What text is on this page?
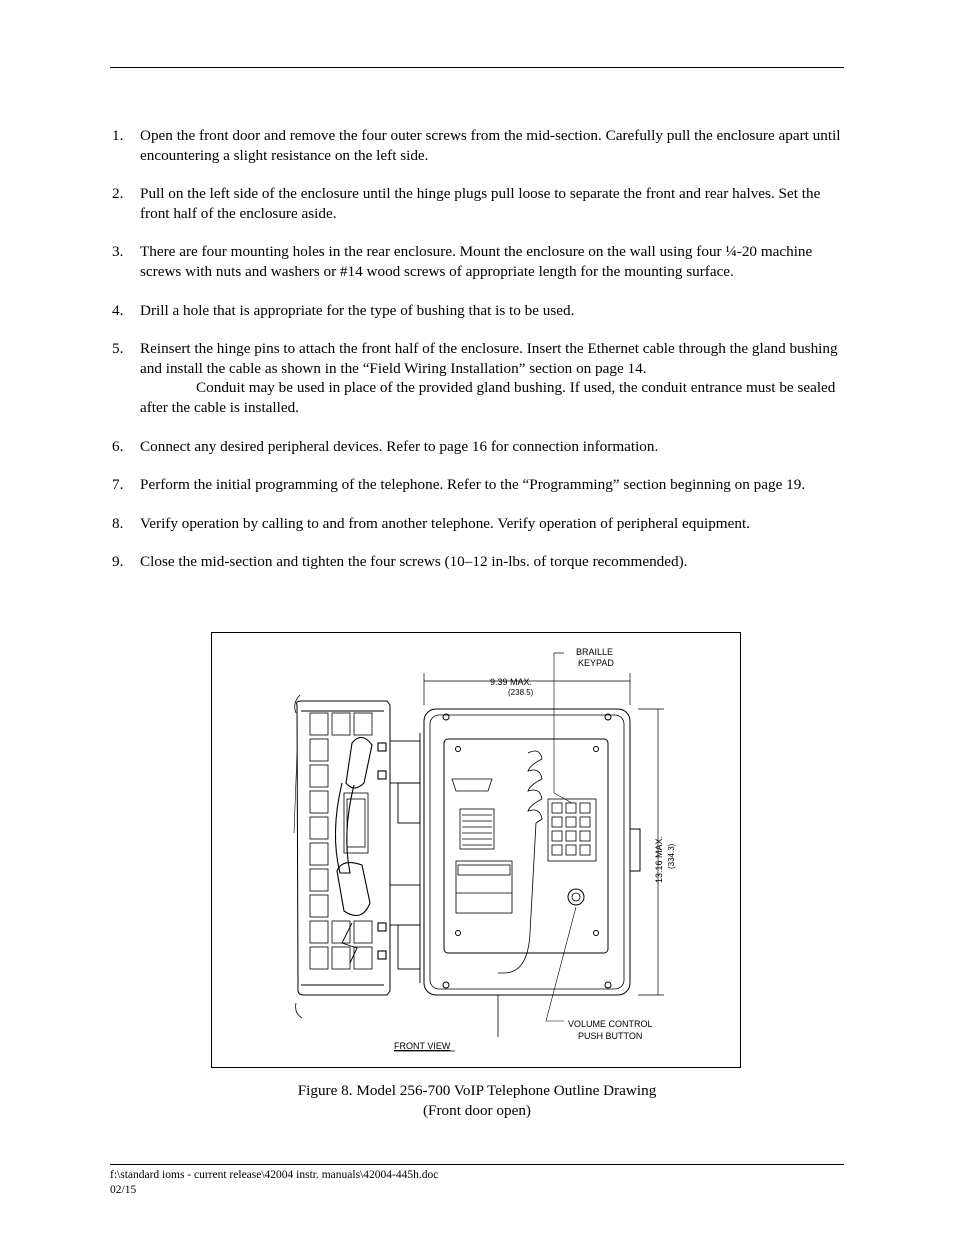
1. Open the front door and remove the four outer screws from the mid-section. Carefully pull the enclosure apart until encountering a slight resistance on the left side.
2. Pull on the left side of the enclosure until the hinge plugs pull loose to separate the front and rear halves. Set the front half of the enclosure aside.
3. There are four mounting holes in the rear enclosure. Mount the enclosure on the wall using four ¼-20 machine screws with nuts and washers or #14 wood screws of appropriate length for the mounting surface.
4. Drill a hole that is appropriate for the type of bushing that is to be used.
5. Reinsert the hinge pins to attach the front half of the enclosure. Insert the Ethernet cable through the gland bushing and install the cable as shown in the “Field Wiring Installation” section on page 14.
Conduit may be used in place of the provided gland bushing. If used, the conduit entrance must be sealed after the cable is installed.
6. Connect any desired peripheral devices. Refer to page 16 for connection information.
7. Perform the initial programming of the telephone. Refer to the “Programming” section beginning on page 19.
8. Verify operation by calling to and from another telephone. Verify operation of peripheral equipment.
9. Close the mid-section and tighten the four screws (10–12 in-lbs. of torque recommended).
BRAILLE
KEYPAD
9.39 MAX.
(238.5)
13.16 MAX. (334.3)
VOLUME CONTROL
PUSH BUTTON
FRONT VIEW
Figure 8. Model 256-700 VoIP Telephone Outline Drawing
(Front door open)
f:\standard ioms - current release\42004 instr. manuals\42004-445h.doc
02/15
